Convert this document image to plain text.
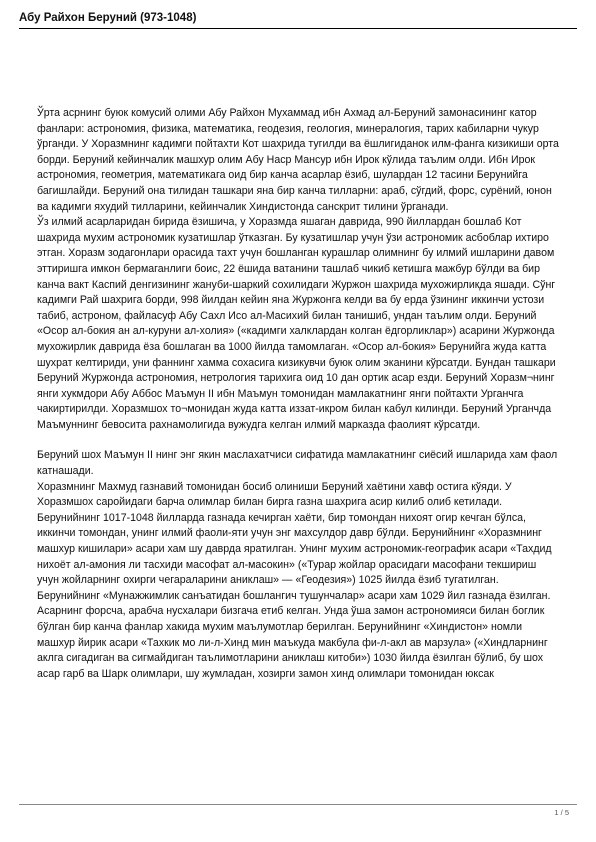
Абу Райхон Беруний (973-1048)

Ўрта асрнинг буюк комусий олими Абу Райхон Мухаммад ибн Ахмад ал-Беруний замонасининг катор фанлари: астрономия, физика, математика, геодезия, геология, минералогия, тарих кабиларни чукур ўрганди. У Хоразмнинг кадимги пойтахти Кот шахрида тугилди ва ёшлигиданок илм-фанга кизикиши орта борди. Беруний кейинчалик машхур олим Абу Наср Мансур ибн Ирок кўлида таълим олди. Ибн Ирок астрономия, геометрия, математикага оид бир канча асарлар ёзиб, шулардан 12 тасини Берунийга багишлайди. Беруний она тилидан ташкари яна бир канча тилларни: араб, сўгдий, форс, сурёний, юнон ва кадимги яхудий тилларини, кейинчалик Хиндистонда санскрит тилини ўрганади.

Ўз илмий асарларидан бирида ёзишича, у Хоразмда яшаган даврида, 990 йиллардан бошлаб Кот шахрида мухим астрономик кузатишлар ўтказган. Бу кузатишлар учун ўзи астрономик асбоблар ихтиро этган. Хоразм зодагонлари орасида тахт учун бошланган курашлар олимнинг бу илмий ишларини давом эттиришга имкон бермаганлиги боис, 22 ёшида ватанини ташлаб чикиб кетишга мажбур бўлди ва бир канча вакт Каспий денгизининг жануби-шаркий сохилидаги Журжон шахрида мухожирликда яшади. Сўнг кадимги Рай шахрига борди, 998 йилдан кейин яна Журжонга келди ва бу ерда ўзининг иккинчи устози табиб, астроном, файласуф Абу Сахл Исо ал-Масихий билан танишиб, ундан таълим олди. Беруний «Осор ал-бокия ан ал-куруни ал-холия» («кадимги халклардан колган ёдгорликлар») асарини Журжонда мухожирлик даврида ёза бошлаган ва 1000 йилда тамомлаган. «Осор ал-бокия» Берунийга жуда катта шухрат келтириди, уни фаннинг хамма сохасига кизикувчи буюк олим эканини кўрсатди. Бундан ташкари Беруний Журжонда астрономия, нетрология тарихига оид 10 дан ортик асар езди. Беруний Хоразм¬нинг янги хукмдори Абу Аббос Маъмун II ибн Маъмун томонидан мамлакатнинг янги пойтахти Урганчга чакиртирилди. Хоразмшох то¬монидан жуда катта иззат-икром билан кабул килинди. Беруний Урганчда Маъмуннинг бевосита рахнамолигида вужудга келган илмий марказда фаолият кўрсатди.

Беруний шох Маъмун II нинг энг якин маслахатчиси сифатида мамлакатнинг сиёсий ишларида хам фаол катнашади.

Хоразмнинг Махмуд газнавий томонидан босиб олиниши Беруний хаётини хавф остига кўяди. У Хоразмшох саройидаги барча олимлар билан бирга газна шахрига асир килиб олиб кетилади. Берунийнинг 1017-1048 йилларда газнада кечирган хаёти, бир томондан нихоят огир кечган бўлса, иккинчи томондан, унинг илмий фаоли-яти учун энг махсулдор давр бўлди. Берунийнинг «Хоразмнинг машхур кишилари» асари хам шу даврда яратилган. Унинг мухим астрономик-географик асари «Тахдид нихоёт ал-амония ли тасхиди масофат ал-масокин» («Турар жойлар орасидаги масофани текшириш учун жойларнинг охирги чегараларини аниклаш» — «Геодезия») 1025 йилда ёзиб тугатилган. Берунийнинг «Мунажжимлик санъатидан бошлангич тушунчалар» асари хам 1029 йил газнада ёзилган. Асарнинг форсча, арабча нусхалари бизгача етиб келган. Унда ўша замон астрономияси билан боглик бўлган бир канча фанлар хакида мухим маълумотлар берилган. Берунийнинг «Хиндистон» номли машхур йирик асари «Тахкик мо ли-л-Хинд мин маъкуда макбула фи-л-акл ав марзула» («Хиндларнинг аклга сигадиган ва сигмайдиган таълимотларини аниклаш китоби») 1030 йилда ёзилган бўлиб, бу шох асар гарб ва Шарк олимлари, шу жумладан, хозирги замон хинд олимлари томонидан юксак

1 / 5
